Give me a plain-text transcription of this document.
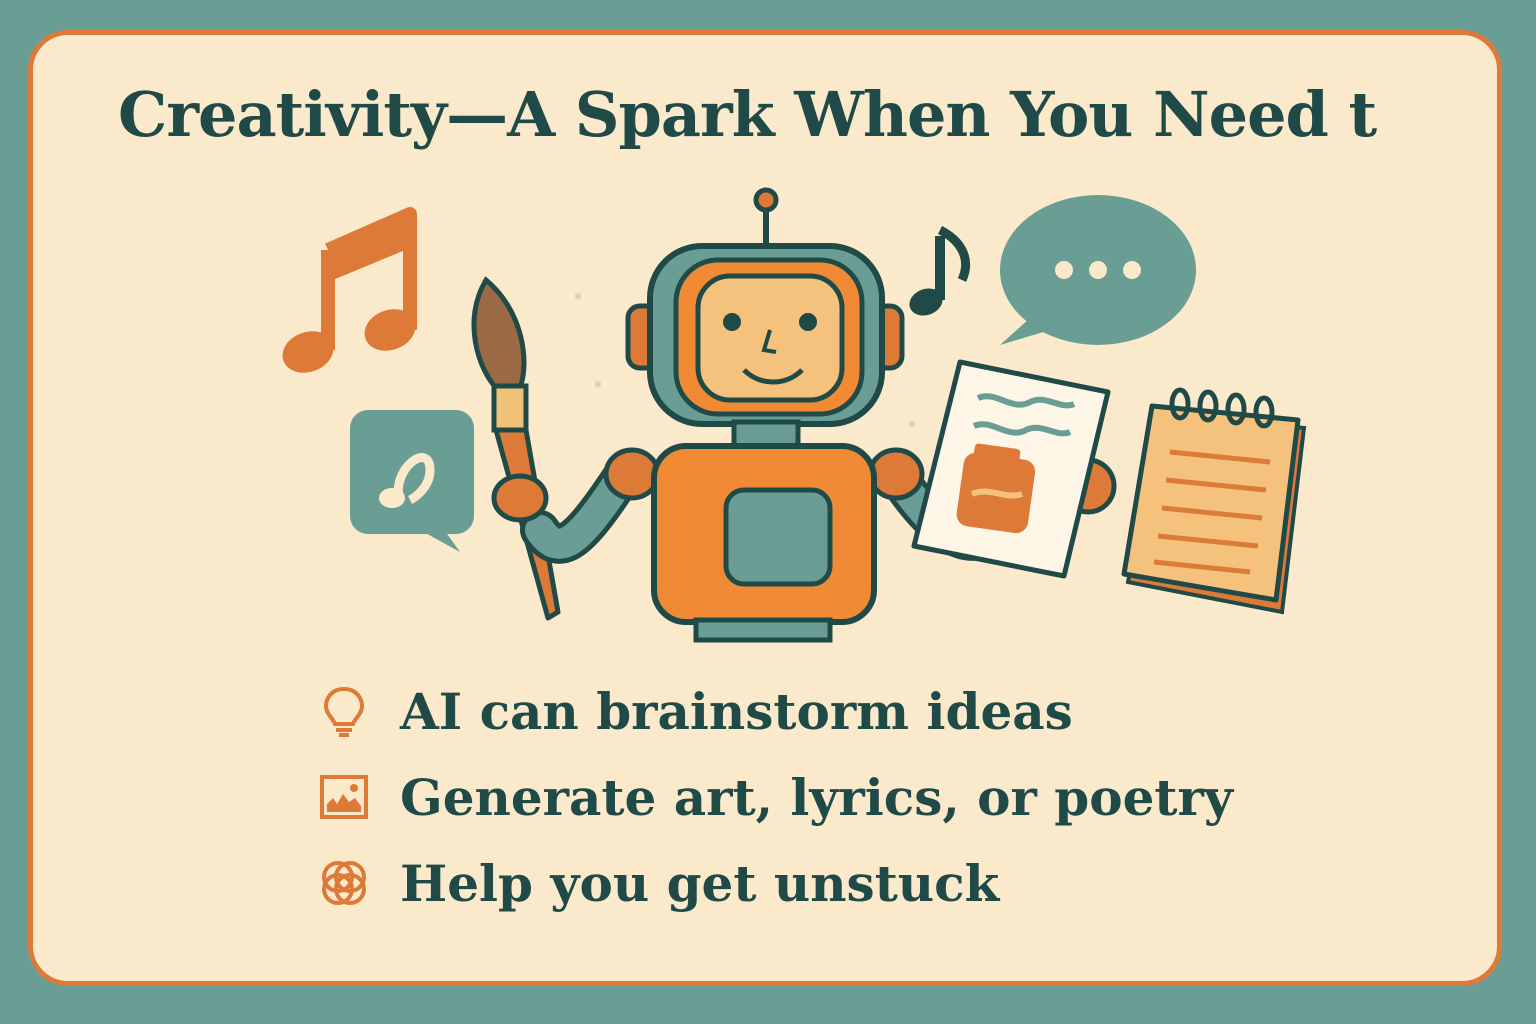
Creativity—A Spark When You Need t
AI can brainstorm ideas
Generate art, lyrics, or poetry
Help you get unstuck
